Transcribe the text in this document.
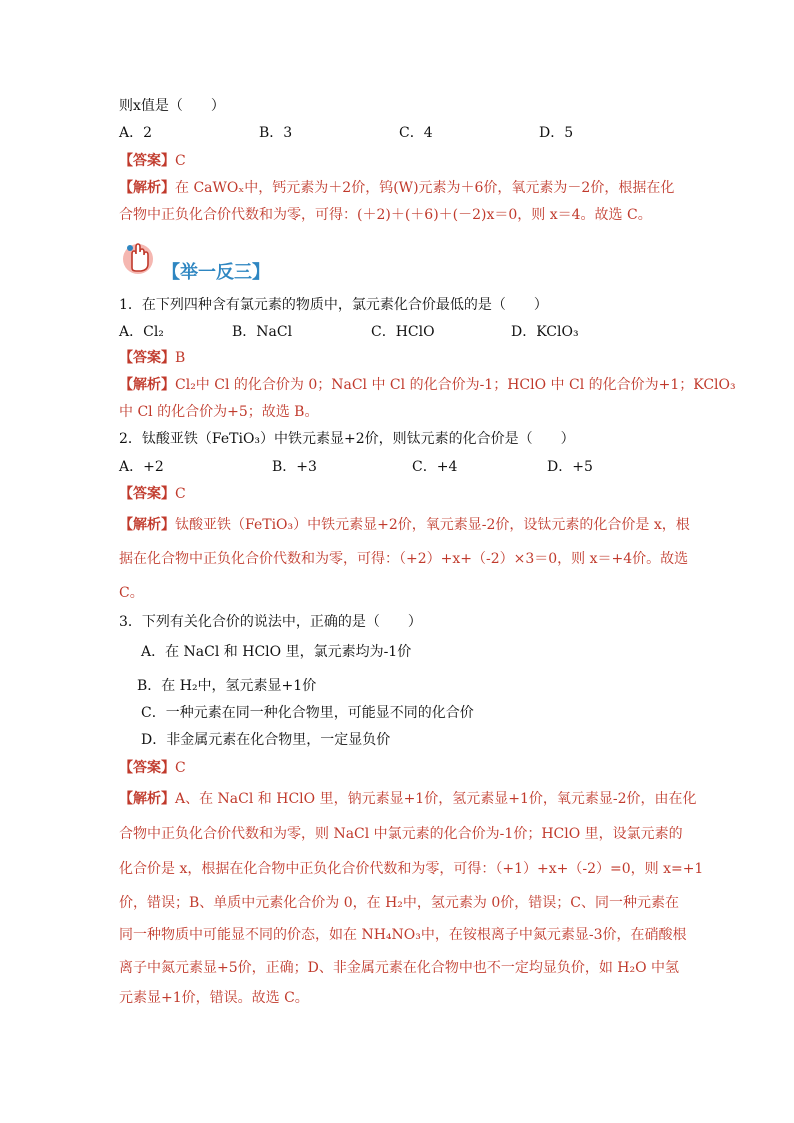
则x值是（　　）
A．2	B．3	C．4	D．5
【答案】C
【解析】在 CaWOₓ中，钙元素为＋2价，钨(W)元素为＋6价，氧元素为－2价，根据在化
合物中正负化合价代数和为零，可得：(＋2)＋(＋6)＋(－2)x＝0，则 x＝4。故选 C。
【举一反三】
1．在下列四种含有氯元素的物质中，氯元素化合价最低的是（　　）
A．Cl₂	B．NaCl	C．HClO	D．KClO₃
【答案】B
【解析】Cl₂中 Cl 的化合价为 0；NaCl 中 Cl 的化合价为-1；HClO 中 Cl 的化合价为+1；KClO₃
中 Cl 的化合价为+5；故选 B。
2．钛酸亚铁（FeTiO₃）中铁元素显+2价，则钛元素的化合价是（　　）
A．+2	B．+3	C．+4	D．+5
【答案】C
【解析】钛酸亚铁（FeTiO₃）中铁元素显+2价，氧元素显-2价，设钛元素的化合价是 x，根
据在化合物中正负化合价代数和为零，可得：（+2）+x+（-2）×3＝0，则 x＝+4价。故选
C。
3．下列有关化合价的说法中，正确的是（　　）
A．在 NaCl 和 HClO 里，氯元素均为-1价
B．在 H₂中，氢元素显+1价
C．一种元素在同一种化合物里，可能显不同的化合价
D．非金属元素在化合物里，一定显负价
【答案】C
【解析】A、在 NaCl 和 HClO 里，钠元素显+1价，氢元素显+1价，氧元素显-2价，由在化
合物中正负化合价代数和为零，则 NaCl 中氯元素的化合价为-1价；HClO 里，设氯元素的
化合价是 x，根据在化合物中正负化合价代数和为零，可得：（+1）+x+（-2）=0，则 x=+1
价，错误；B、单质中元素化合价为 0，在 H₂中，氢元素为 0价，错误；C、同一种元素在
同一种物质中可能显不同的价态，如在 NH₄NO₃中，在铵根离子中氮元素显-3价，在硝酸根
离子中氮元素显+5价，正确；D、非金属元素在化合物中也不一定均显负价，如 H₂O 中氢
元素显+1价，错误。故选 C。
